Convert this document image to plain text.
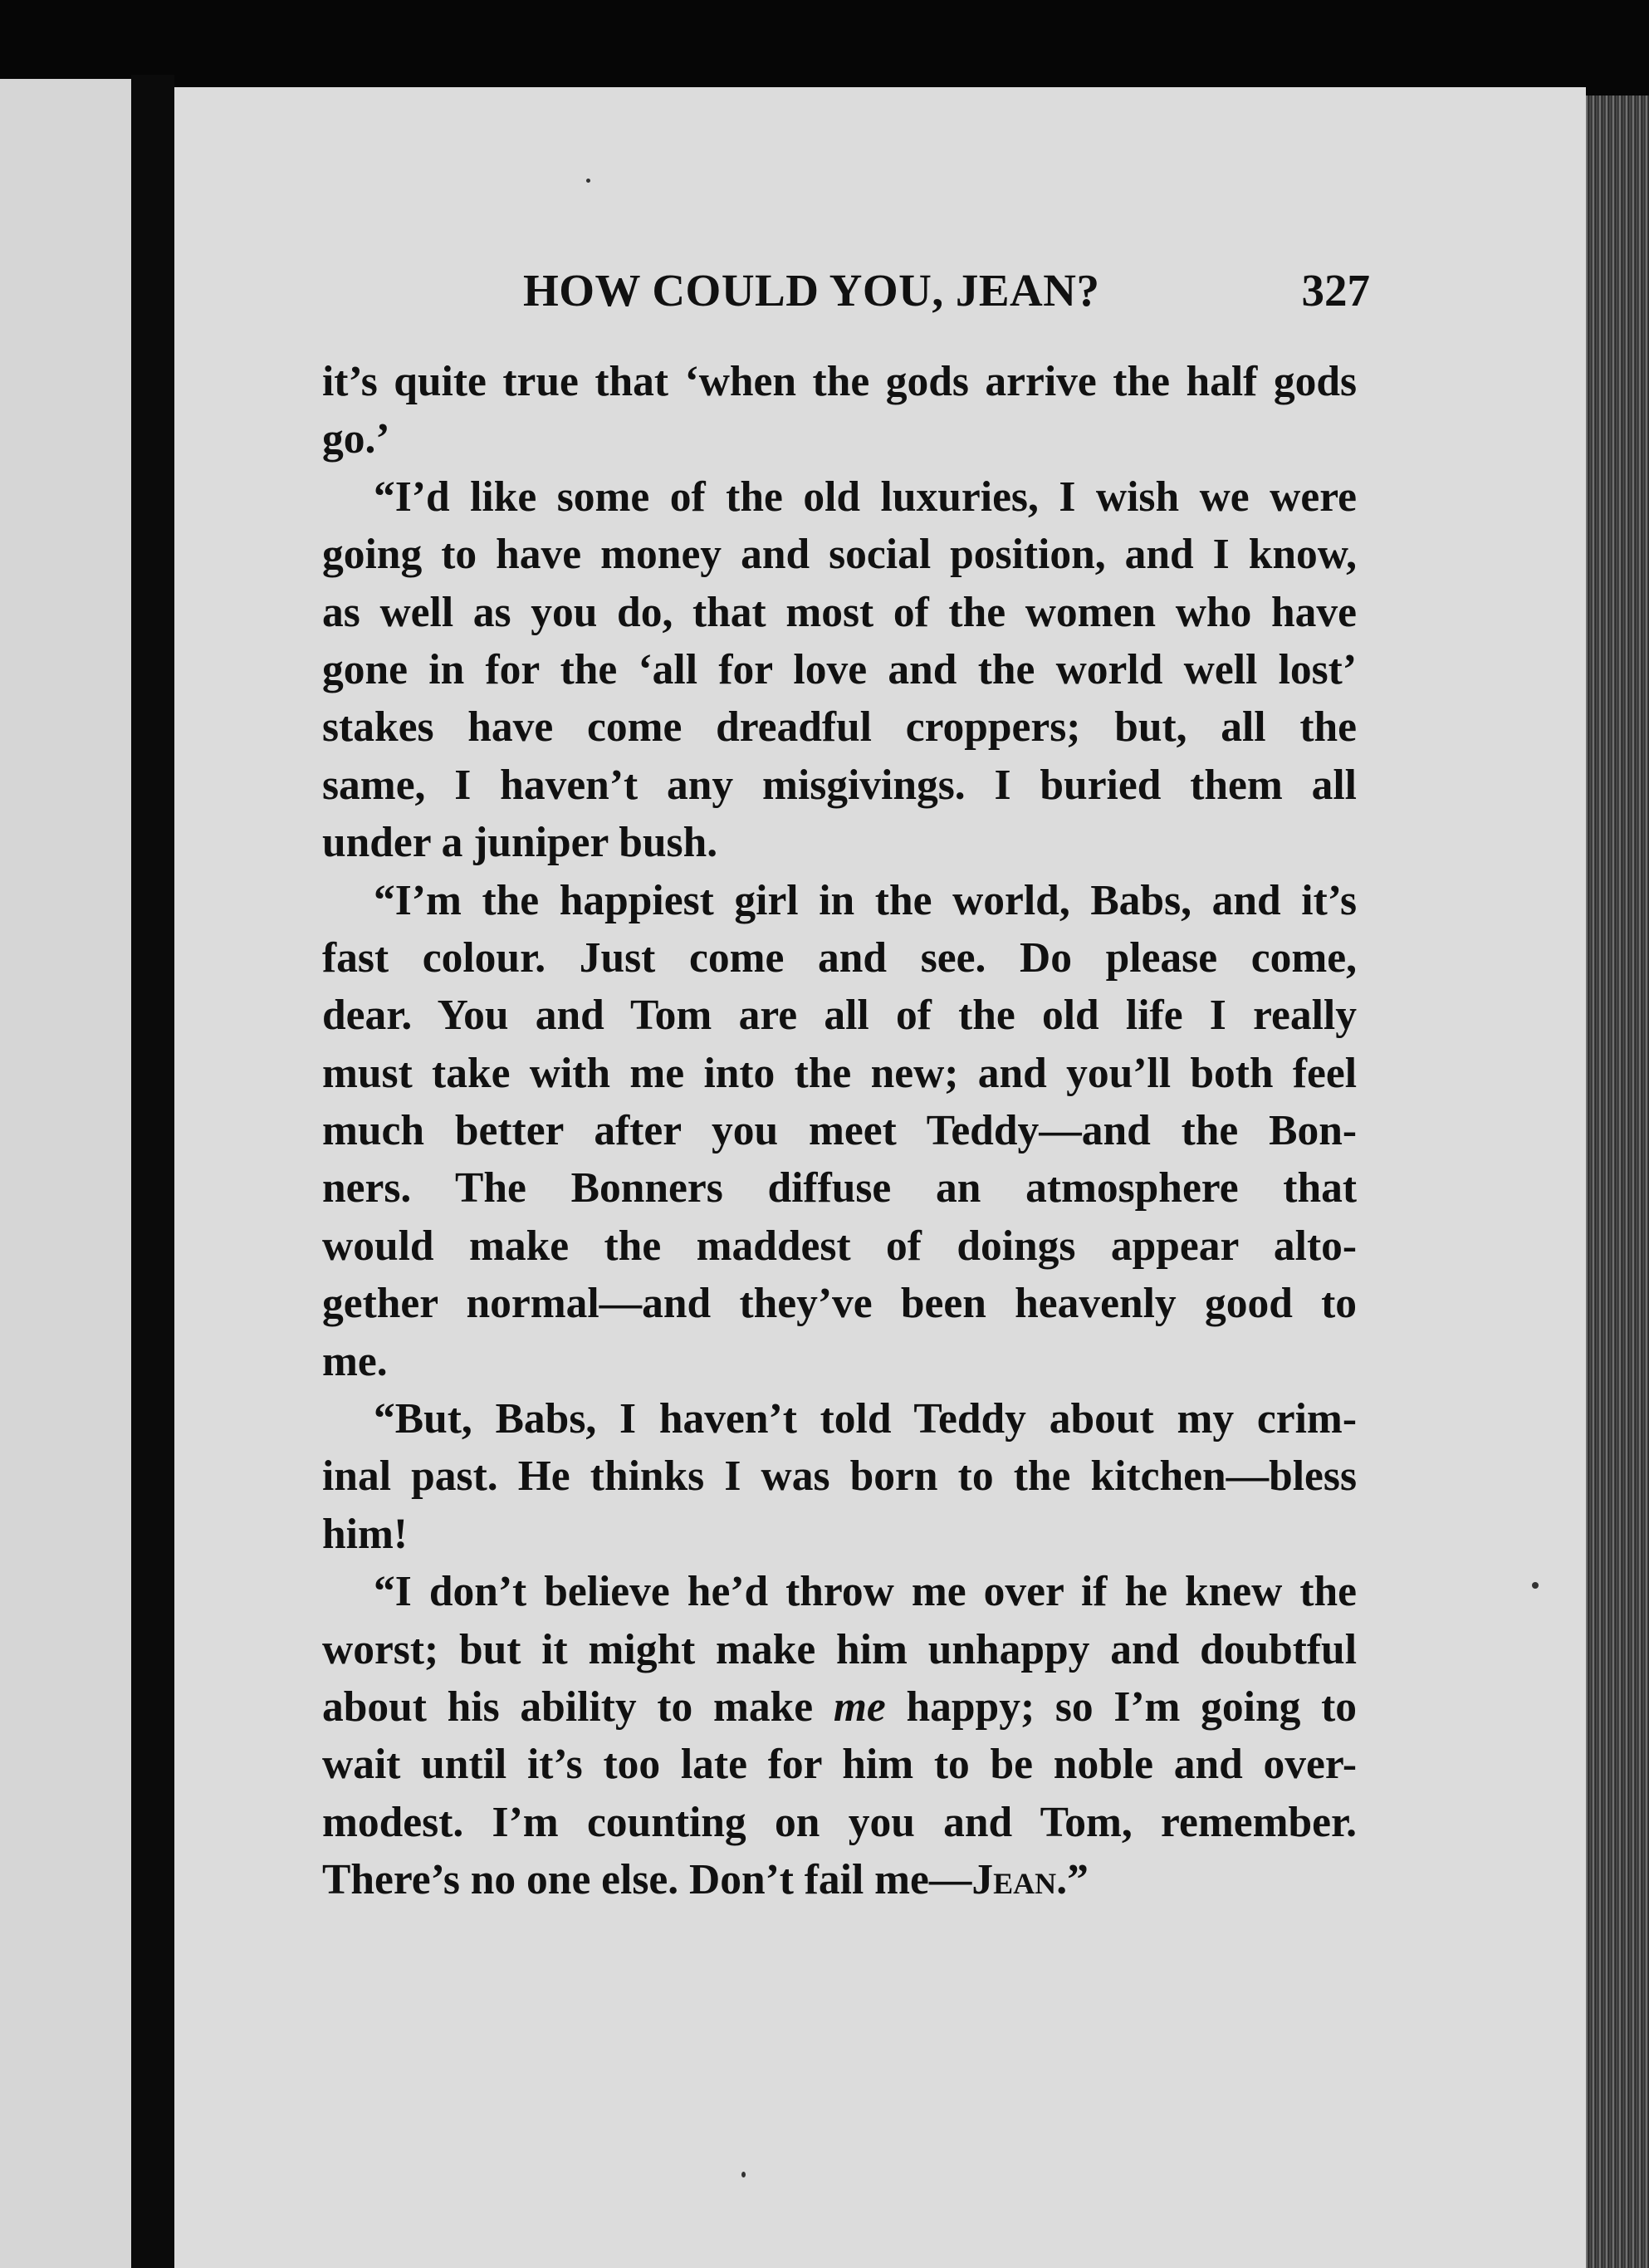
HOW COULD YOU, JEAN?	327
it’s quite true that ‘when the gods arrive the half gods
go.’
“I’d like some of the old luxuries, I wish we were
going to have money and social position, and I know,
as well as you do, that most of the women who have
gone in for the ‘all for love and the world well lost’
stakes have come dreadful croppers; but, all the
same, I haven’t any misgivings. I buried them all
under a juniper bush.
“I’m the happiest girl in the world, Babs, and it’s
fast colour. Just come and see. Do please come,
dear. You and Tom are all of the old life I really
must take with me into the new; and you’ll both feel
much better after you meet Teddy—and the Bon-
ners. The Bonners diffuse an atmosphere that
would make the maddest of doings appear alto-
gether normal—and they’ve been heavenly good to
me.
“But, Babs, I haven’t told Teddy about my crim-
inal past. He thinks I was born to the kitchen—bless
him!
“I don’t believe he’d throw me over if he knew the
worst; but it might make him unhappy and doubtful
about his ability to make me happy; so I’m going to
wait until it’s too late for him to be noble and over-
modest. I’m counting on you and Tom, remember.
There’s no one else. Don’t fail me—Jean.”
